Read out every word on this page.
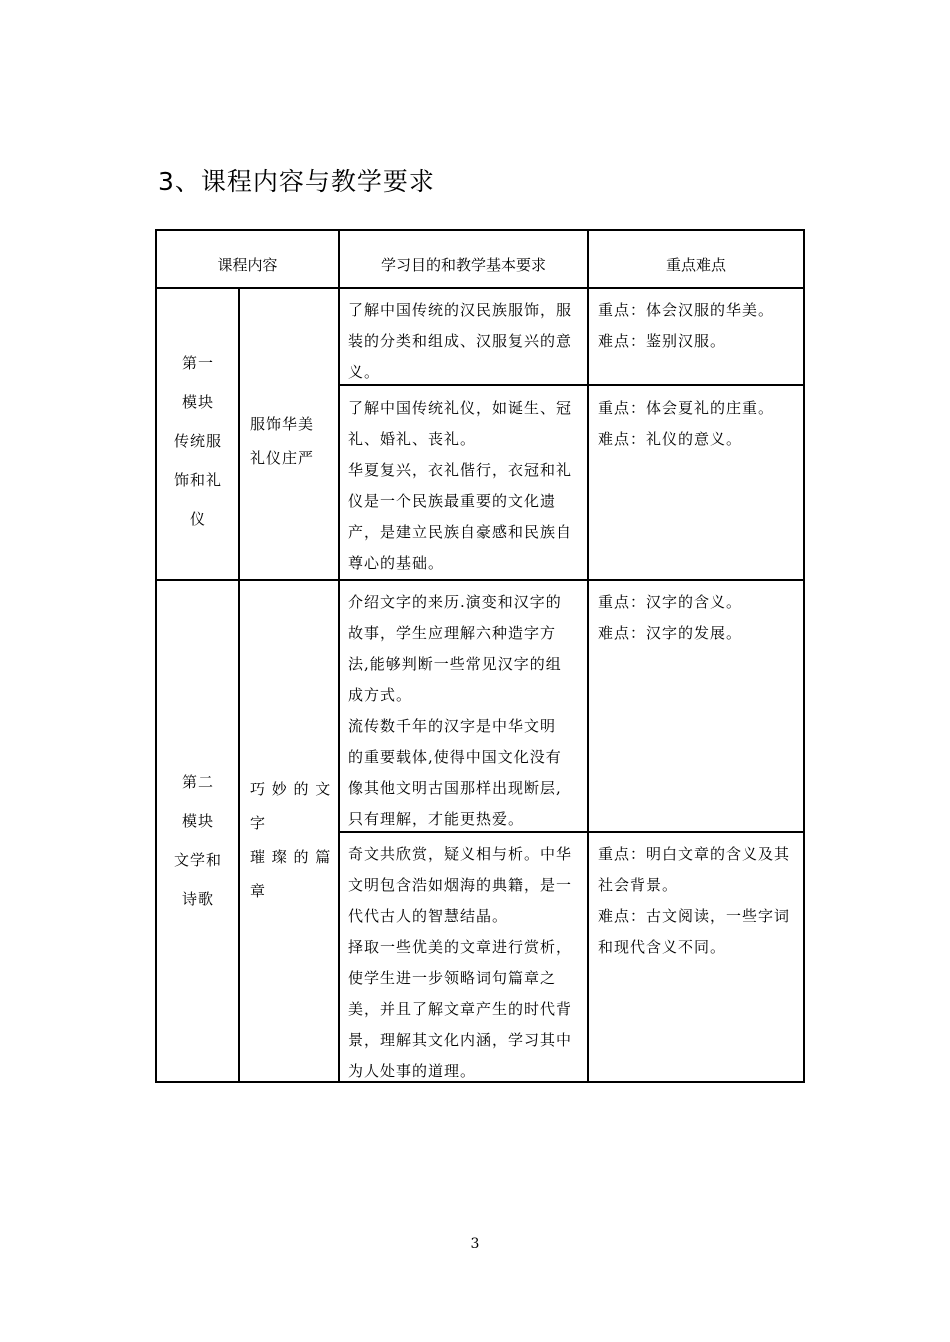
3、课程内容与教学要求
课程内容	学习目的和教学基本要求	重点难点
第一
模块
传统服
饰和礼
仪
服饰华美
礼仪庄严
了解中国传统的汉民族服饰，服
装的分类和组成、汉服复兴的意
义。
重点：体会汉服的华美。
难点：鉴别汉服。
了解中国传统礼仪，如诞生、冠
礼、婚礼、丧礼。
华夏复兴，衣礼偕行，衣冠和礼
仪是一个民族最重要的文化遗
产，是建立民族自豪感和民族自
尊心的基础。
重点：体会夏礼的庄重。
难点：礼仪的意义。
第二
模块
文学和
诗歌
巧 妙 的 文
字
璀 璨 的 篇
章
介绍文字的来历.演变和汉字的
故事，学生应理解六种造字方
法,能够判断一些常见汉字的组
成方式。
流传数千年的汉字是中华文明
的重要载体,使得中国文化没有
像其他文明古国那样出现断层,
只有理解，才能更热爱。
重点：汉字的含义。
难点：汉字的发展。
奇文共欣赏，疑义相与析。中华
文明包含浩如烟海的典籍，是一
代代古人的智慧结晶。
择取一些优美的文章进行赏析，
使学生进一步领略词句篇章之
美，并且了解文章产生的时代背
景，理解其文化内涵，学习其中
为人处事的道理。
重点：明白文章的含义及其
社会背景。
难点：古文阅读，一些字词
和现代含义不同。
3
